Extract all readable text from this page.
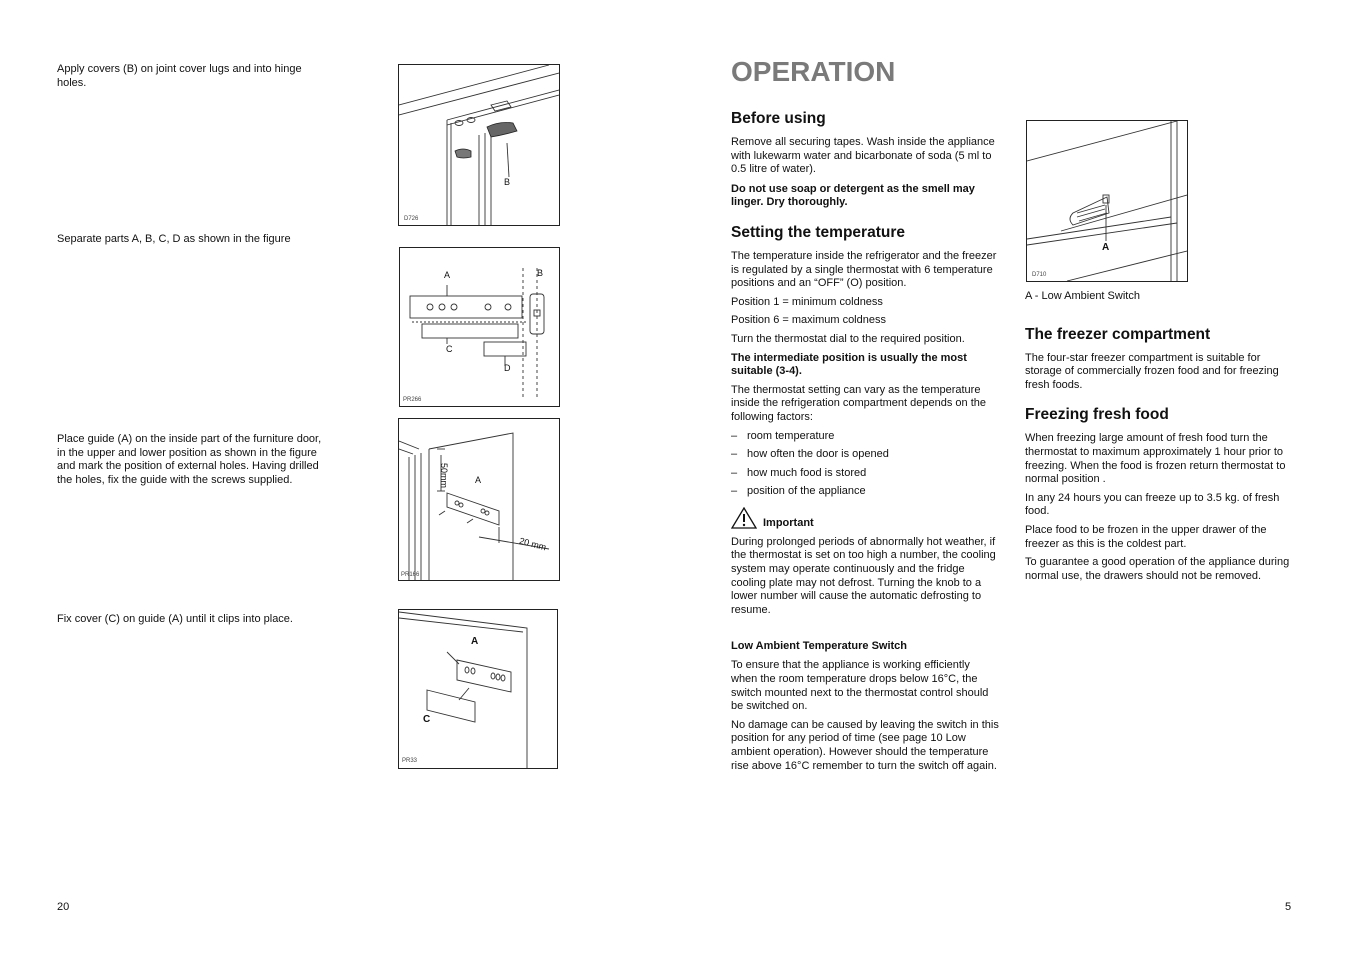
Apply covers (B) on joint cover lugs and into hinge holes.

B
D726

Separate parts A, B, C, D as shown in the figure

A	B
C
D
PR266

Place guide (A) on the inside part of the furniture door, in the upper and lower position as shown in the figure and mark the position of external holes. Having drilled the holes, fix the guide with the screws supplied.	50mm	A
20 mm
PR166

Fix cover (C) on guide (A) until it clips into place.

A
C
PR33
20
OPERATION
Before using

Remove all securing tapes. Wash inside the appliance with lukewarm water and bicarbonate of soda (5 ml to 0.5 litre of water).

Do not use soap or detergent as the smell may linger. Dry thoroughly.

Setting the temperature

The temperature inside the refrigerator and the freezer is regulated by a single thermostat with 6 temperature positions and an “OFF” (O) position.

Position 1 = minimum coldness

Position 6 = maximum coldness

Turn the thermostat dial to the required position.

The intermediate position is usually the most suitable (3-4).

The thermostat setting can vary as the temperature inside the refrigeration compartment depends on the following factors:

– room temperature
– how often the door is opened
– how much food is stored
– position of the appliance
Important

During prolonged periods of abnormally hot weather, if the thermostat is set on too high a number, the cooling system may operate continuously and the fridge cooling plate may not defrost. Turning the knob to a lower number will cause the automatic defrosting to resume.

Low Ambient Temperature Switch

To ensure that the appliance is working efficiently when the room temperature drops below 16°C, the switch mounted next to the thermostat control should be switched on.

No damage can be caused by leaving the switch in this position for any period of time (see page 10 Low ambient operation). However should the temperature rise above 16°C remember to turn the switch off again.

A
D710

A - Low Ambient Switch

The freezer compartment

The four-star freezer compartment is suitable for storage of commercially frozen food and for freezing fresh foods.

Freezing fresh food

When freezing large amount of fresh food turn the thermostat to maximum approximately 1 hour prior to freezing. When the food is frozen return thermostat to normal position .

In any 24 hours you can freeze up to 3.5 kg. of fresh food.

Place food to be frozen in the upper drawer of the freezer as this is the coldest part.

To guarantee a good operation of the appliance during normal use, the drawers should not be removed.

5
